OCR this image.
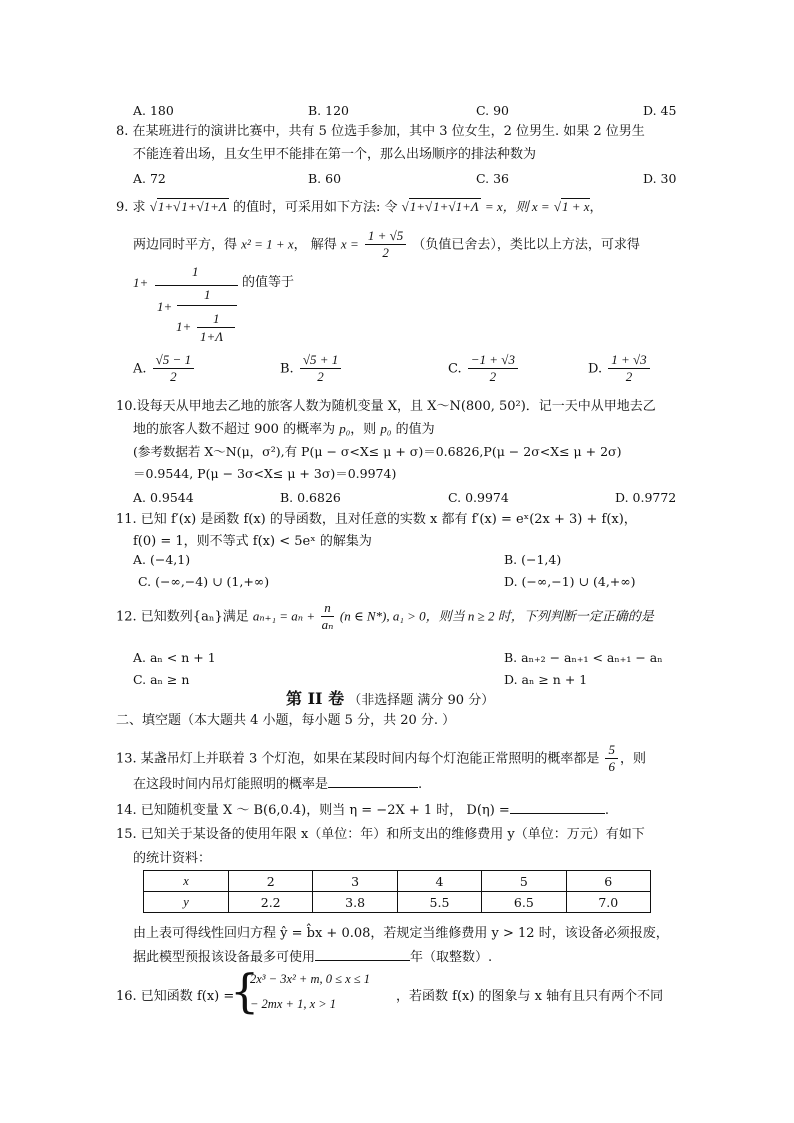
A. 180	B. 120	C. 90	D. 45
8. 在某班进行的演讲比赛中，共有 5 位选手参加，其中 3 位女生，2 位男生. 如果 2 位男生
不能连着出场，且女生甲不能排在第一个，那么出场顺序的排法种数为
A. 72	B. 60	C. 36	D. 30
9. 求 √1+√1+√1+Λ 的值时，可采用如下方法: 令 √1+√1+√1+Λ = x，则 x = √1 + x，
两边同时平方，得 x² = 1 + x， 解得 $x = \frac{1 + √5}{2}$ （负值已舍去），类比以上方法，可求得
1+
1
的值等于
1+
1
1+
1
1+Λ
A. $\frac{√5 - 1}{2}$	B. $\frac{√5 + 1}{2}$	C. $\frac{-1 + √3}{2}$	D. $\frac{1 + √3}{2}$
10.设每天从甲地去乙地的旅客人数为随机变量 X，且 X～N(800, 50²)．记一天中从甲地去乙
地的旅客人数不超过 900 的概率为 p₀，则 p₀ 的值为
(参考数据若 X～N(μ，σ²),有 P(μ − σ<X≤ μ + σ)＝0.6826,P(μ − 2σ<X≤ μ + 2σ)
＝0.9544, P(μ − 3σ<X≤ μ + 3σ)＝0.9974)
A. 0.9544	B. 0.6826	C. 0.9974	D. 0.9772
11. 已知 f′(x) 是函数 f(x) 的导函数，且对任意的实数 x 都有 f′(x) = eˣ(2x + 3) + f(x)，
f(0) = 1，则不等式 f(x) < 5eˣ 的解集为
A. (−4,1)	B. (−1,4)
C. (−∞,−4) ∪ (1,+∞)	D. (−∞,−1) ∪ (4,+∞)
12. 已知数列{aₙ}满足 $a_{n+1} = a_n + \frac{n}{\text{aₙ}} (n$ ∈ N*), a₁ > 0，则当 n ≥ 2 时，下列判断一定正确的是
A. aₙ < n + 1	B. aₙ₊₂ − aₙ₊₁ < aₙ₊₁ − aₙ
C. aₙ ≥ n	D. aₙ ≥ n + 1
第 II 卷 （非选择题 满分 90 分）
二、填空题（本大题共 4 小题，每小题 5 分，共 20 分. ）
13. 某盏吊灯上并联着 3 个灯泡，如果在某段时间内每个灯泡能正常照明的概率都是 $\frac{5}{6}$ ，则
在这段时间内吊灯能照明的概率是	.
14. 已知随机变量 X ～ B(6,0.4)，则当 η = −2X + 1 时， D(η) =	.
15. 已知关于某设备的使用年限 x（单位：年）和所支出的维修费用 y（单位：万元）有如下
的统计资料：
x	2	3	4	5	6
y	2.2	3.8	5.5	6.5	7.0
由上表可得线性回归方程 ŷ = b̂x + 0.08，若规定当维修费用 y > 12 时，该设备必须报废，
据此模型预报该设备最多可使用	年（取整数）.
16. 已知函数 f(x) =
{
2x³ − 3x² + m, 0 ≤ x ≤ 1
− 2mx + 1, x > 1	，若函数 f(x) 的图象与 x 轴有且只有两个不同
